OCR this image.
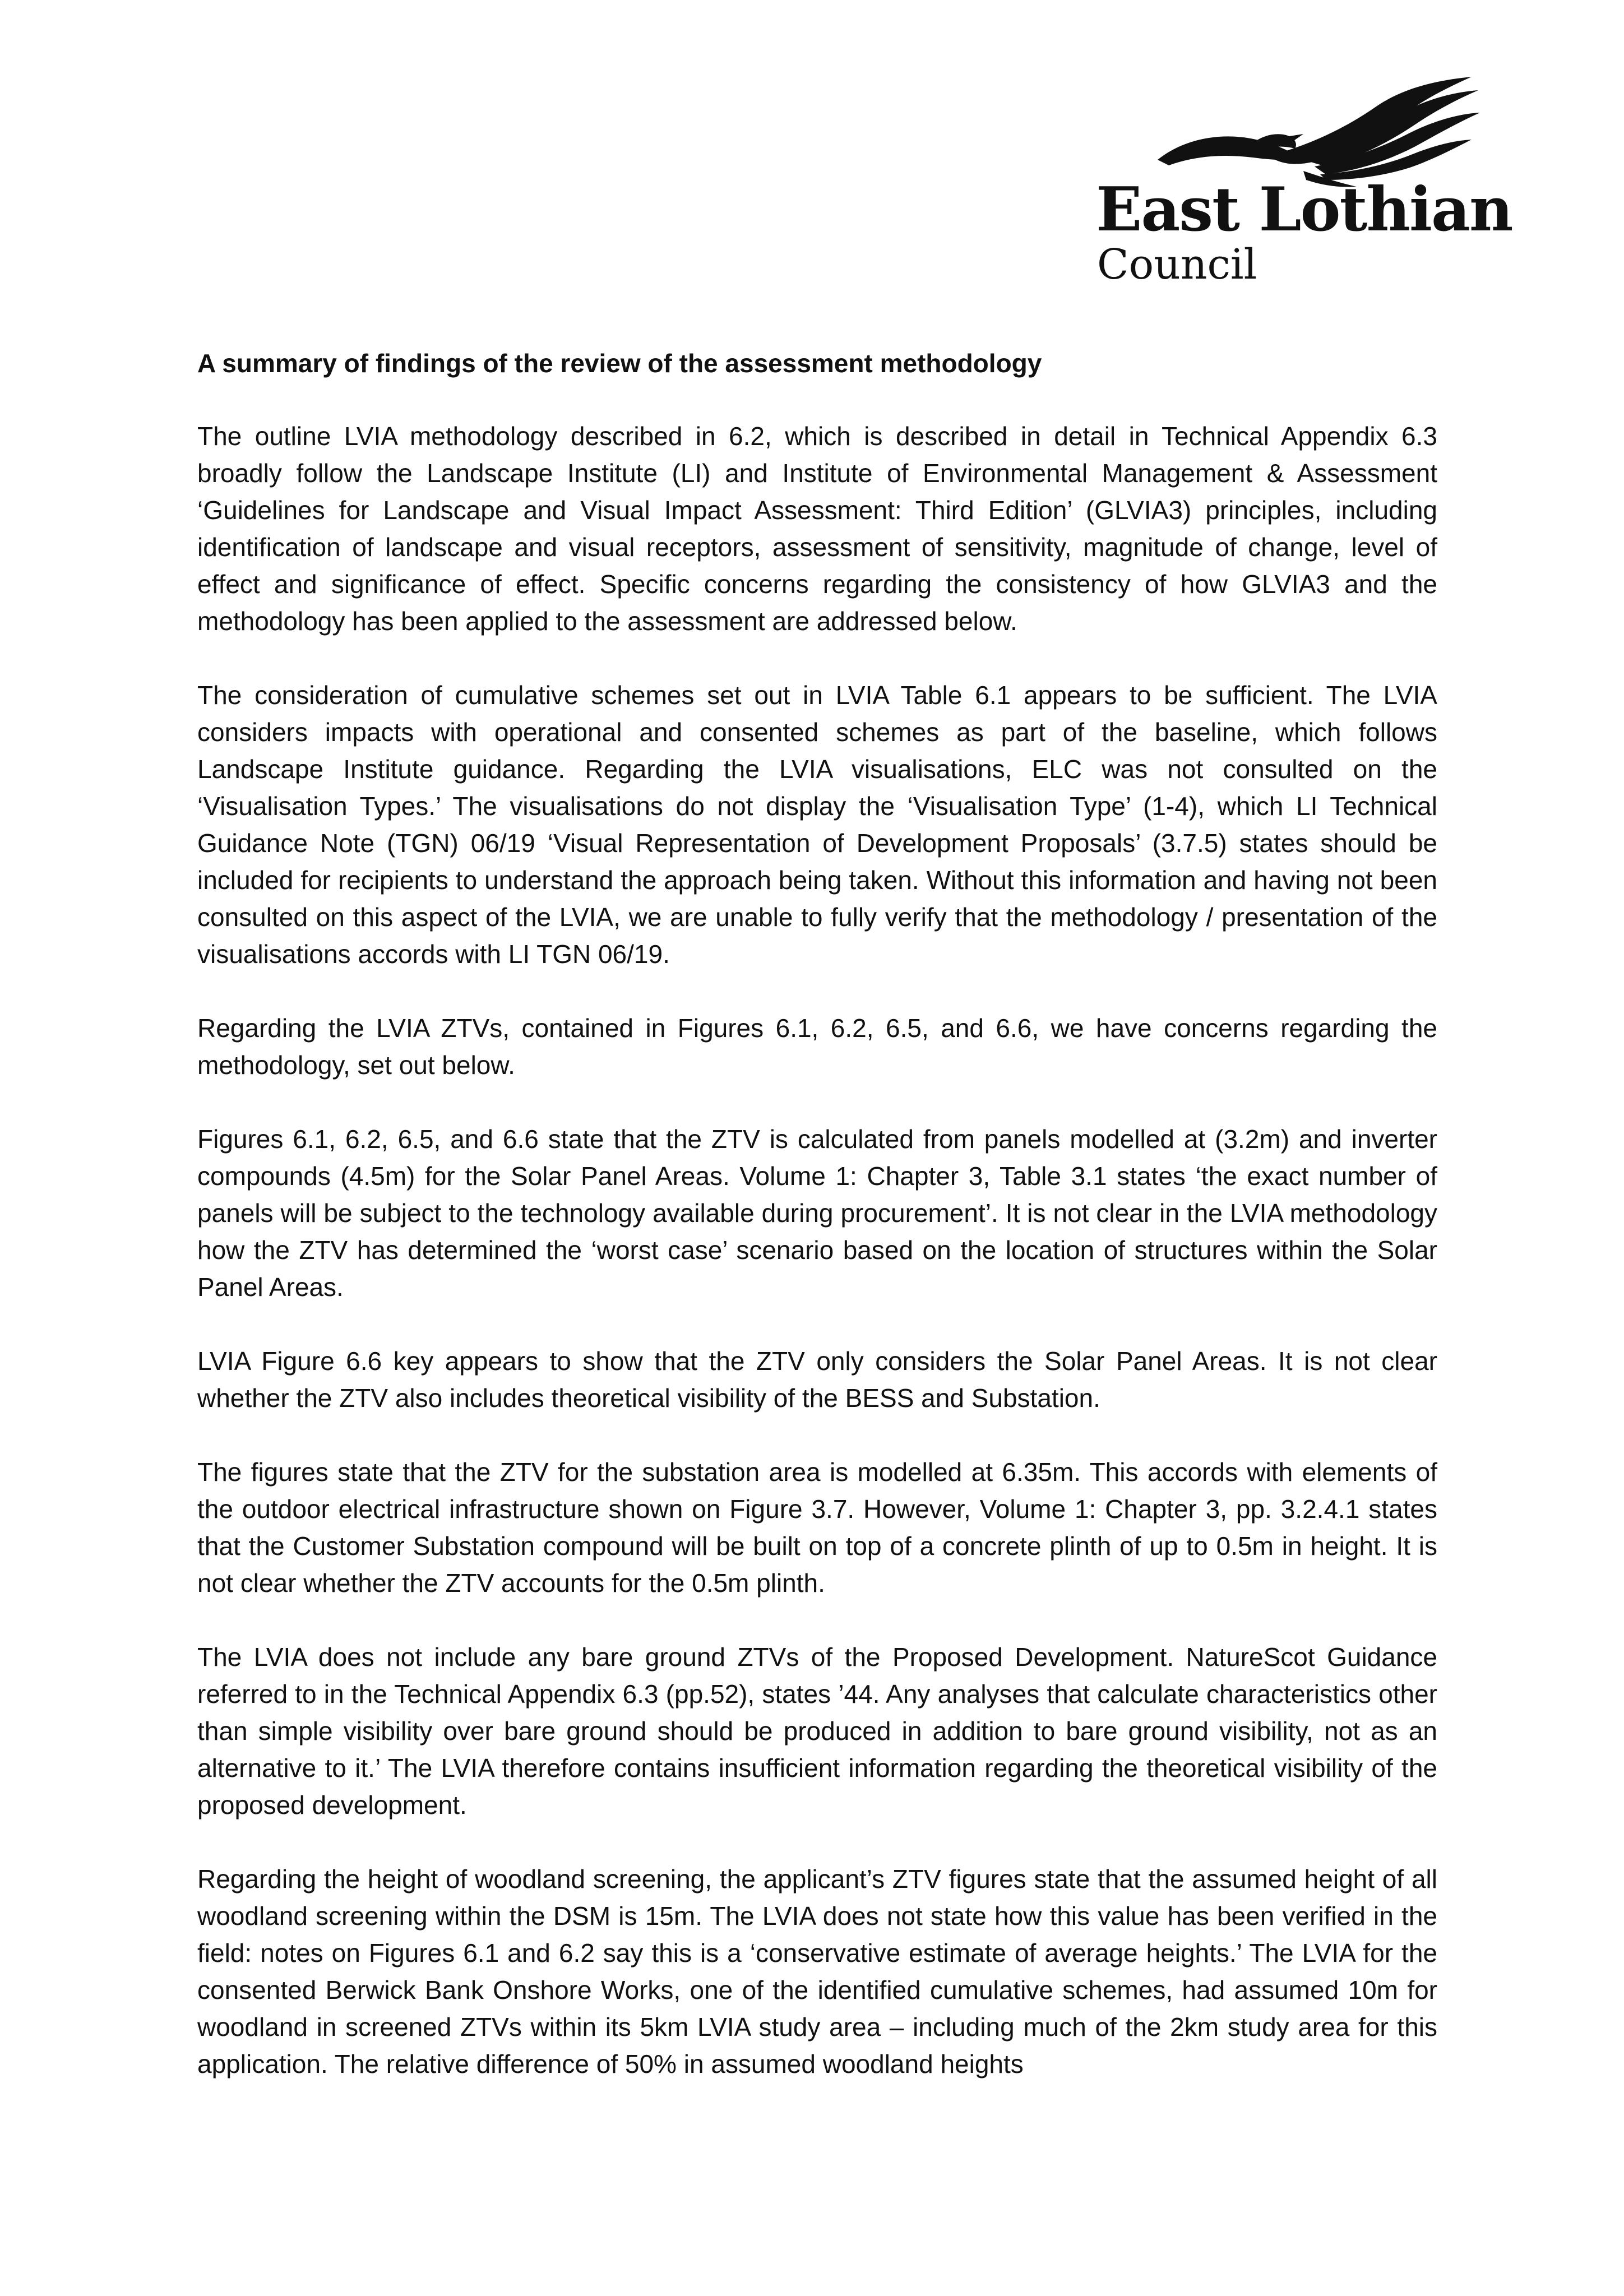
East Lothian
Council

A summary of findings of the review of the assessment methodology

The outline LVIA methodology described in 6.2, which is described in detail in Technical Appendix 6.3 broadly follow the Landscape Institute (LI) and Institute of Environmental Management & Assessment ‘Guidelines for Landscape and Visual Impact Assessment: Third Edition’ (GLVIA3) principles, including identification of landscape and visual receptors, assessment of sensitivity, magnitude of change, level of effect and significance of effect. Specific concerns regarding the consistency of how GLVIA3 and the methodology has been applied to the assessment are addressed below.

The consideration of cumulative schemes set out in LVIA Table 6.1 appears to be sufficient. The LVIA considers impacts with operational and consented schemes as part of the baseline, which follows Landscape Institute guidance. Regarding the LVIA visualisations, ELC was not consulted on the ‘Visualisation Types.’ The visualisations do not display the ‘Visualisation Type’ (1-4), which LI Technical Guidance Note (TGN) 06/19 ‘Visual Representation of Development Proposals’ (3.7.5) states should be included for recipients to understand the approach being taken. Without this information and having not been consulted on this aspect of the LVIA, we are unable to fully verify that the methodology / presentation of the visualisations accords with LI TGN 06/19.

Regarding the LVIA ZTVs, contained in Figures 6.1, 6.2, 6.5, and 6.6, we have concerns regarding the methodology, set out below.

Figures 6.1, 6.2, 6.5, and 6.6 state that the ZTV is calculated from panels modelled at (3.2m) and inverter compounds (4.5m) for the Solar Panel Areas. Volume 1: Chapter 3, Table 3.1 states ‘the exact number of panels will be subject to the technology available during procurement’. It is not clear in the LVIA methodology how the ZTV has determined the ‘worst case’ scenario based on the location of structures within the Solar Panel Areas.

LVIA Figure 6.6 key appears to show that the ZTV only considers the Solar Panel Areas. It is not clear whether the ZTV also includes theoretical visibility of the BESS and Substation.

The figures state that the ZTV for the substation area is modelled at 6.35m. This accords with elements of the outdoor electrical infrastructure shown on Figure 3.7. However, Volume 1: Chapter 3, pp. 3.2.4.1 states that the Customer Substation compound will be built on top of a concrete plinth of up to 0.5m in height. It is not clear whether the ZTV accounts for the 0.5m plinth.

The LVIA does not include any bare ground ZTVs of the Proposed Development. NatureScot Guidance referred to in the Technical Appendix 6.3 (pp.52), states ’44. Any analyses that calculate characteristics other than simple visibility over bare ground should be produced in addition to bare ground visibility, not as an alternative to it.’ The LVIA therefore contains insufficient information regarding the theoretical visibility of the proposed development.

Regarding the height of woodland screening, the applicant’s ZTV figures state that the assumed height of all woodland screening within the DSM is 15m. The LVIA does not state how this value has been verified in the field: notes on Figures 6.1 and 6.2 say this is a ‘conservative estimate of average heights.’ The LVIA for the consented Berwick Bank Onshore Works, one of the identified cumulative schemes, had assumed 10m for woodland in screened ZTVs within its 5km LVIA study area – including much of the 2km study area for this application. The relative difference of 50% in assumed woodland heights
